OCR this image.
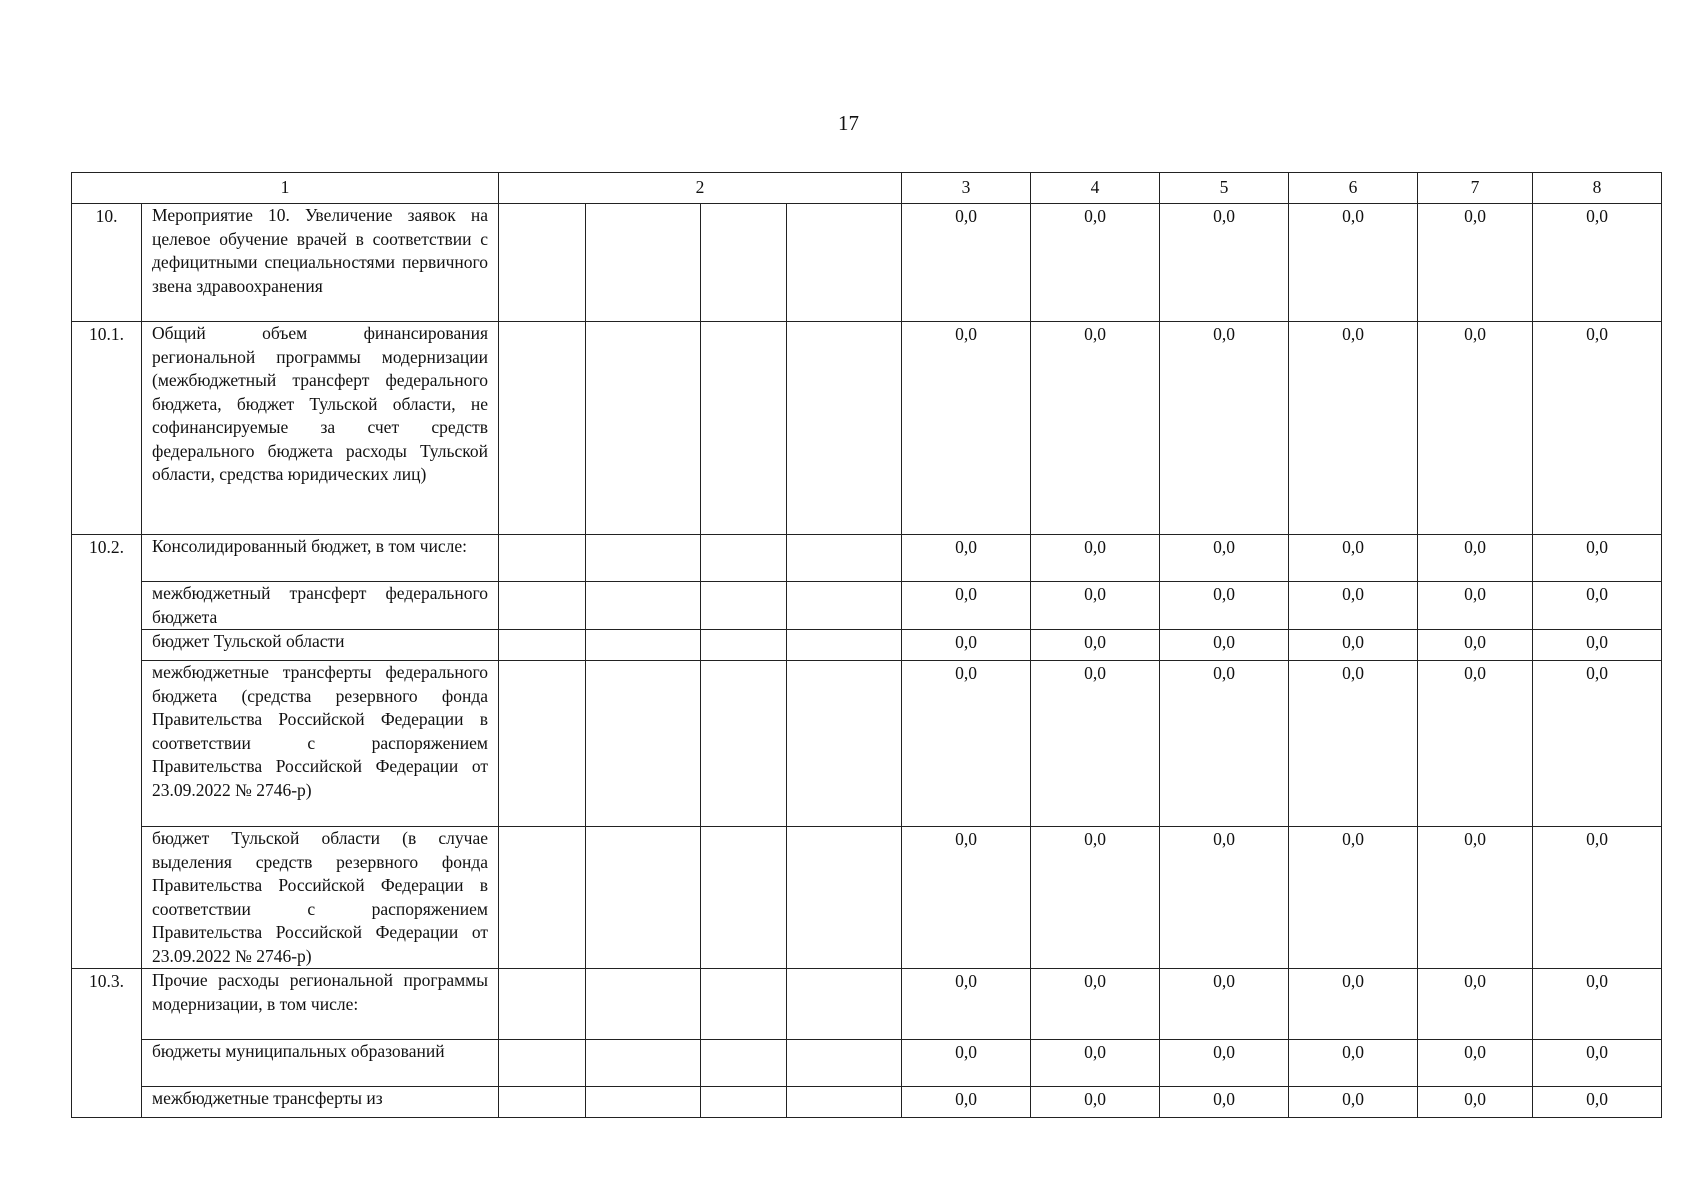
17
1		2				3	4	5	6	7	8
10.	Мероприятие 10. Увеличение заявок на целевое обучение врачей в соответствии с дефицитными специальностями первичного звена здравоохранения					0,0	0,0	0,0	0,0	0,0	0,0
10.1.	Общий объем финансирования региональной программы модернизации (межбюджетный трансферт федерального бюджета, бюджет Тульской области, не софинансируемые за счет средств федерального бюджета расходы Тульской области, средства юридических лиц)					0,0	0,0	0,0	0,0	0,0	0,0
10.2.	Консолидированный бюджет, в том числе:					0,0	0,0	0,0	0,0	0,0	0,0

	межбюджетный трансферт федерального бюджета					0,0	0,0	0,0	0,0	0,0	0,0

	бюджет Тульской области					0,0	0,0	0,0	0,0	0,0	0,0

	межбюджетные трансферты федерального бюджета (средства резервного фонда Правительства Российской Федерации в соответствии с распоряжением Правительства Российской Федерации от 23.09.2022 № 2746-р)					0,0	0,0	0,0	0,0	0,0	0,0

	бюджет Тульской области (в случае выделения средств резервного фонда Правительства Российской Федерации в соответствии с распоряжением Правительства Российской Федерации от 23.09.2022 № 2746-р)					0,0	0,0	0,0	0,0	0,0	0,0
10.3.	Прочие расходы региональной программы модернизации, в том числе:					0,0	0,0	0,0	0,0	0,0	0,0

	бюджеты муниципальных образований					0,0	0,0	0,0	0,0	0,0	0,0

	межбюджетные трансферты из					0,0	0,0	0,0	0,0	0,0	0,0
